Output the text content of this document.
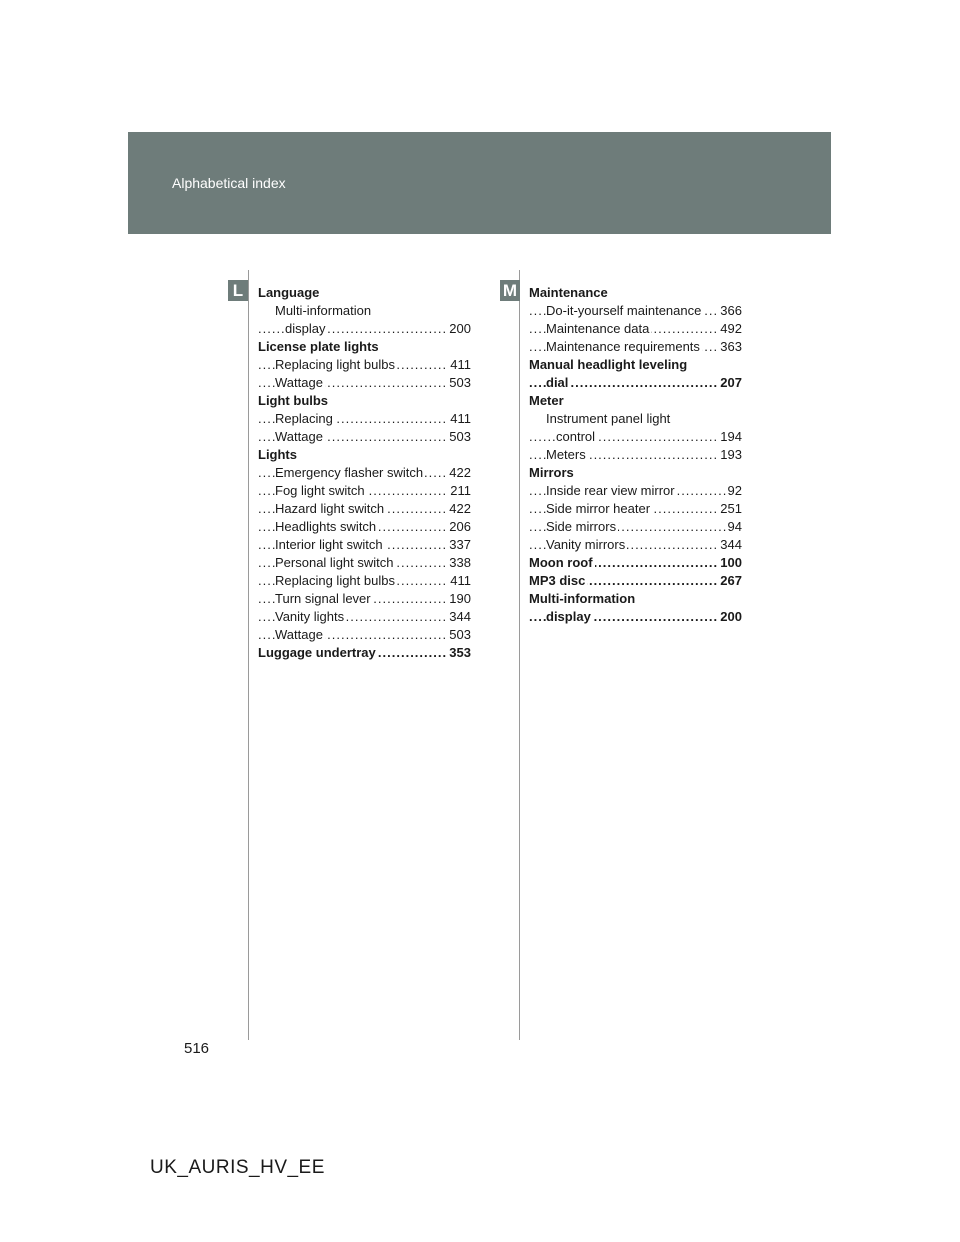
Alphabetical index
L	M
Language
Multi-information
..... display	200
License plate lights
..... Replacing light bulbs	411
..... Wattage	503
Light bulbs
..... Replacing	411
..... Wattage	503
Lights
..... Emergency flasher switch 422
..... Fog light switch	211
..... Hazard light switch	422
..... Headlights switch	206
..... Interior light switch	337
..... Personal light switch	338
..... Replacing light bulbs	411
..... Turn signal lever	190
..... Vanity lights	344
..... Wattage	503
..... Luggage undertray	353
Maintenance
..... Do-it-yourself maintenance 366
..... Maintenance data	492
..... Maintenance requirements 363
Manual headlight leveling
..... dial	207
Meter
Instrument panel light
..... control	194
..... Meters	193
Mirrors
..... Inside rear view mirror	92
..... Side mirror heater	251
..... Side mirrors	94
..... Vanity mirrors	344
..... Moon roof	100
..... MP3 disc	267
Multi-information
..... display	200
516
UK_AURIS_HV_EE
